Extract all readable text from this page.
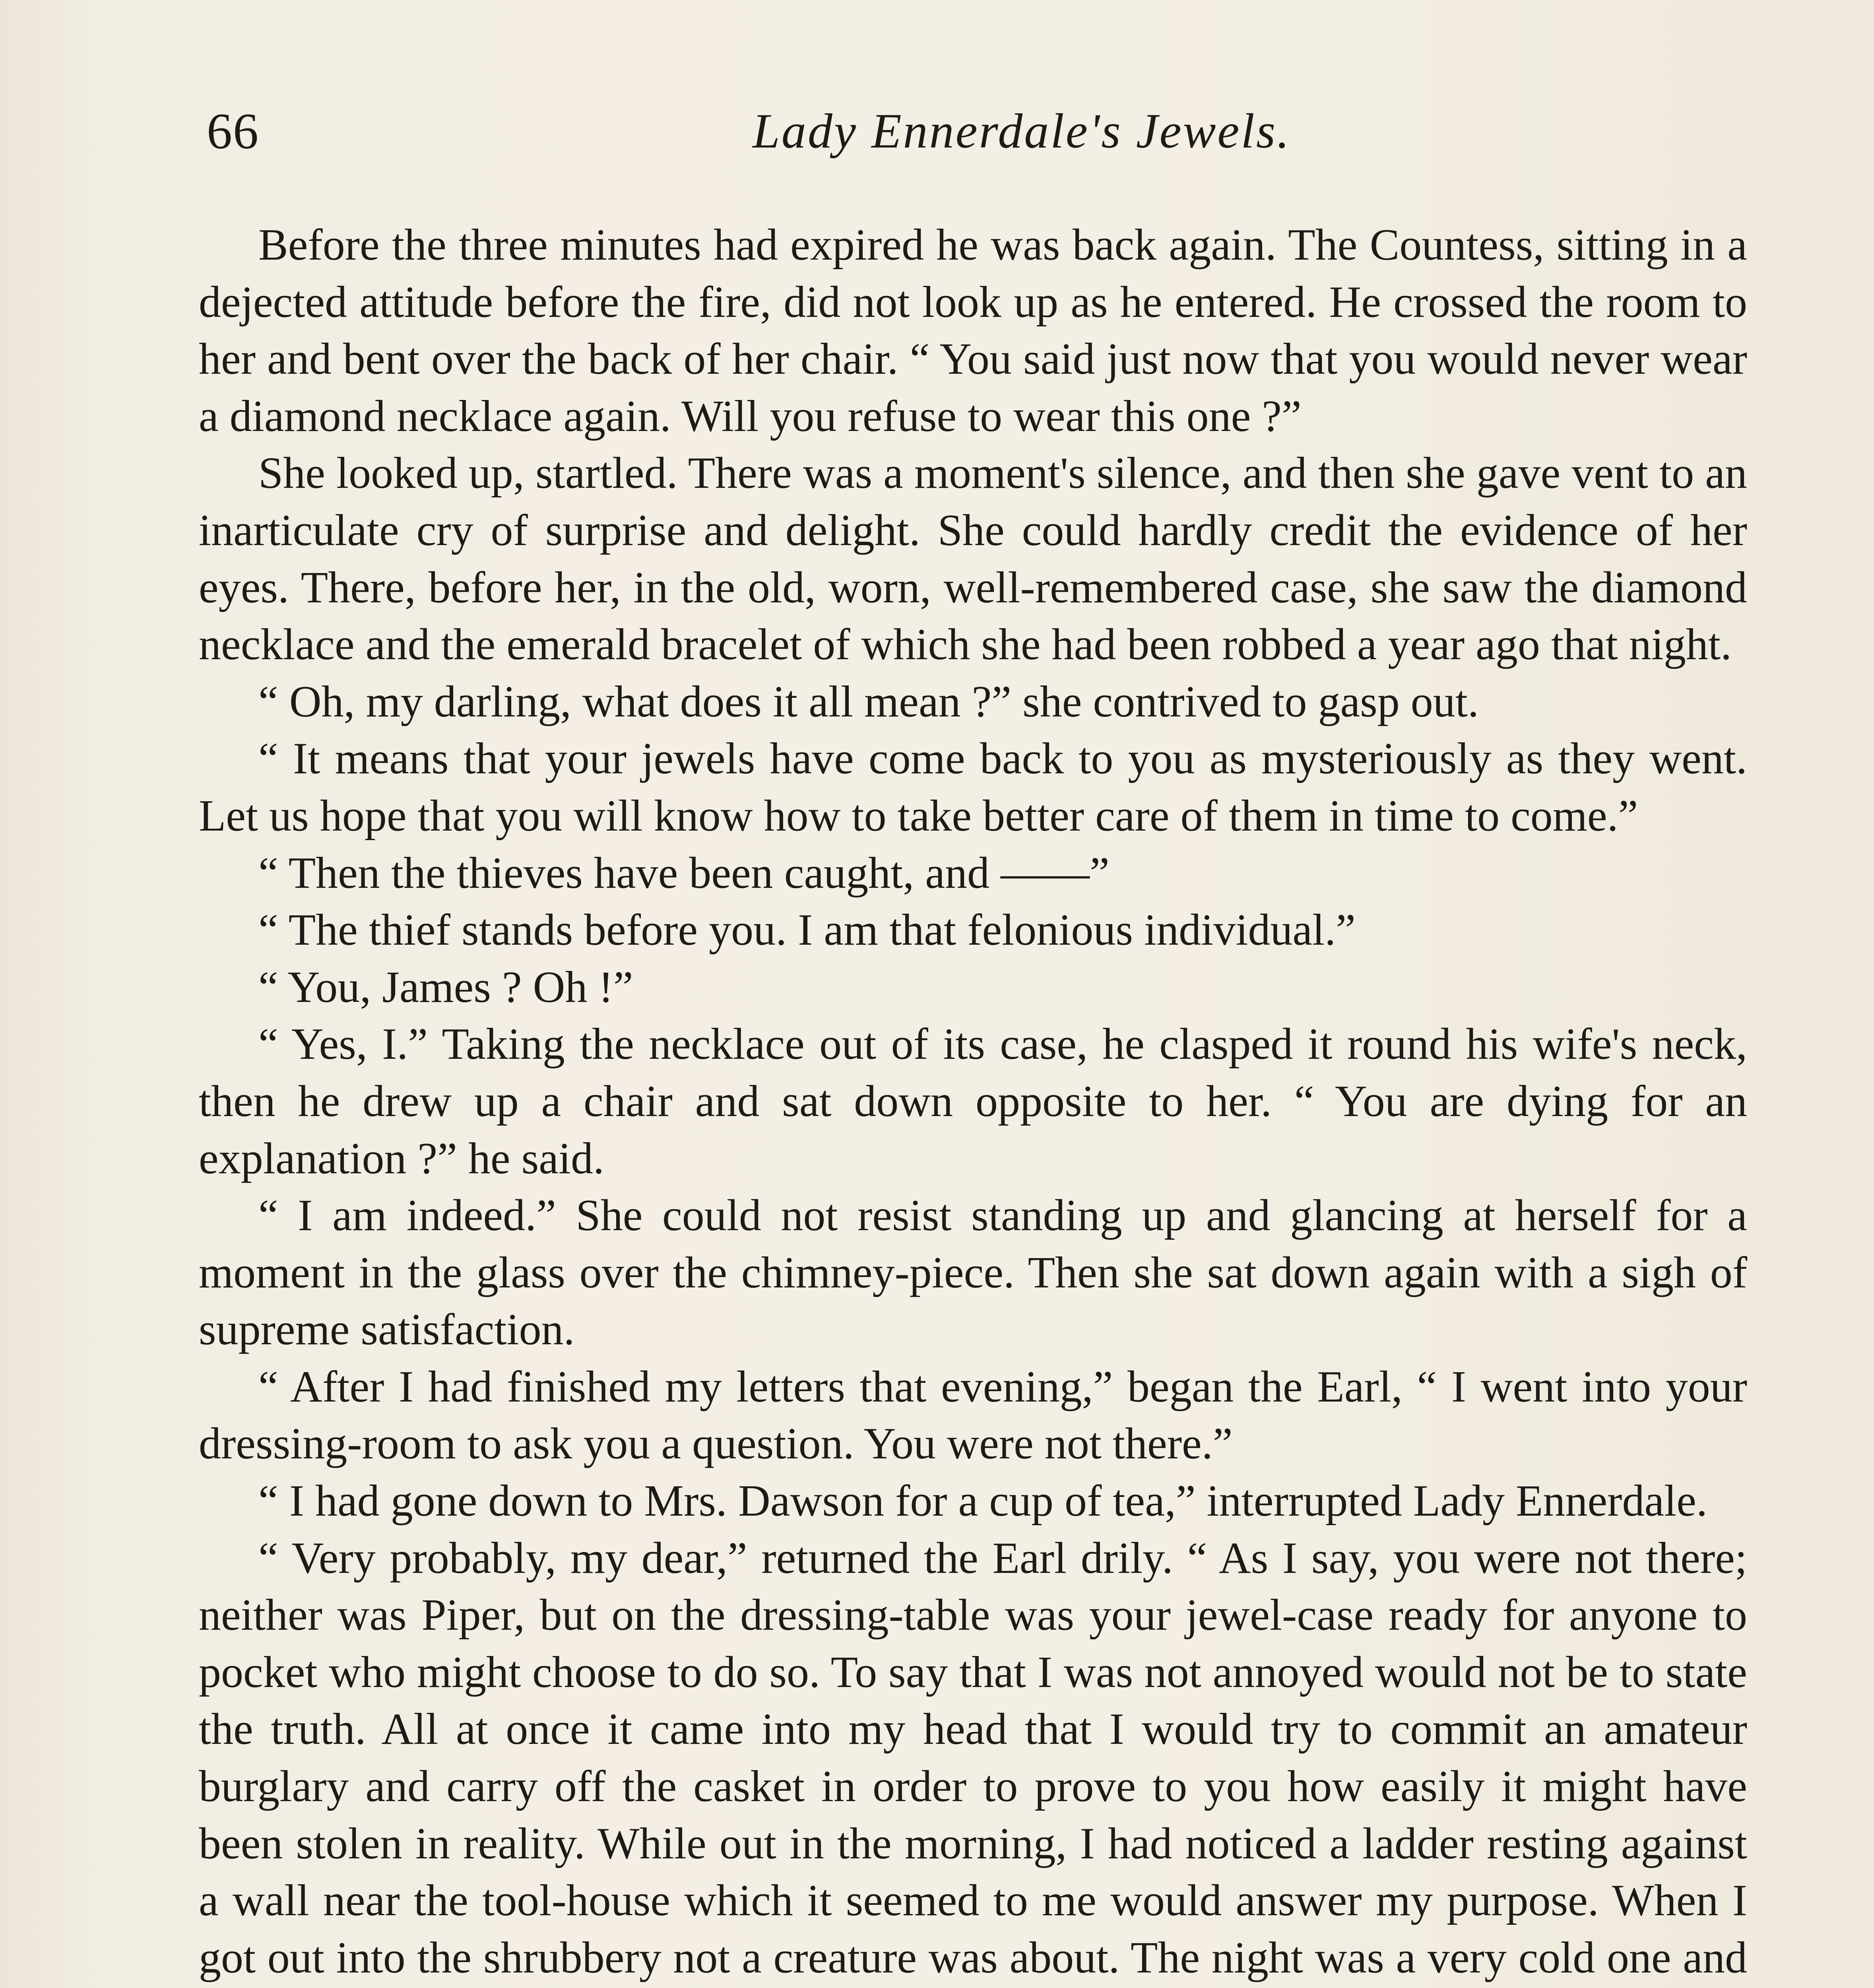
66	Lady Ennerdale's Jewels.

Before the three minutes had expired he was back again. The Countess, sitting in a dejected attitude before the fire, did not look up as he entered. He crossed the room to her and bent over the back of her chair. “ You said just now that you would never wear a diamond necklace again. Will you refuse to wear this one ?”

She looked up, startled. There was a moment's silence, and then she gave vent to an inarticulate cry of surprise and delight. She could hardly credit the evidence of her eyes. There, before her, in the old, worn, well-remembered case, she saw the diamond necklace and the emerald bracelet of which she had been robbed a year ago that night.

“ Oh, my darling, what does it all mean ?” she contrived to gasp out.

“ It means that your jewels have come back to you as mysteriously as they went. Let us hope that you will know how to take better care of them in time to come.”

“ Then the thieves have been caught, and ——”

“ The thief stands before you. I am that felonious individual.”

“ You, James ? Oh !”

“ Yes, I.” Taking the necklace out of its case, he clasped it round his wife's neck, then he drew up a chair and sat down opposite to her. “ You are dying for an explanation ?” he said.

“ I am indeed.” She could not resist standing up and glancing at herself for a moment in the glass over the chimney-piece. Then she sat down again with a sigh of supreme satisfaction.

“ After I had finished my letters that evening,” began the Earl, “ I went into your dressing-room to ask you a question. You were not there.”

“ I had gone down to Mrs. Dawson for a cup of tea,” interrupted Lady Ennerdale.

“ Very probably, my dear,” returned the Earl drily. “ As I say, you were not there; neither was Piper, but on the dressing-table was your jewel-case ready for anyone to pocket who might choose to do so. To say that I was not annoyed would not be to state the truth. All at once it came into my head that I would try to commit an amateur burglary and carry off the casket in order to prove to you how easily it might have been stolen in reality. While out in the morning, I had noticed a ladder resting against a wall near the tool-house which it seemed to me would answer my purpose. When I got out into the shrubbery not a creature was about. The night was a very cold one and
